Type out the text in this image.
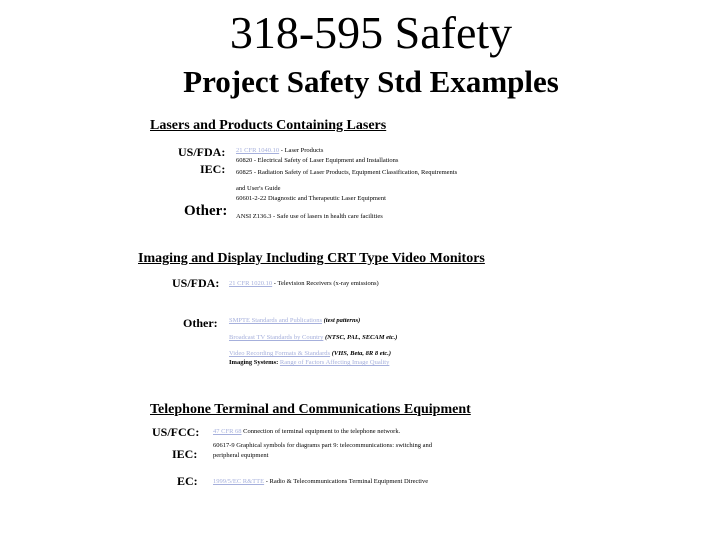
318-595 Safety
Project Safety Std Examples
Lasers and Products Containing Lasers
US/FDA: 21 CFR 1040.10 - Laser Products
IEC:
60820 - Electrical Safety of Laser Equipment and Installations
60825 - Radiation Safety of Laser Products, Equipment Classification, Requirements
and User's Guide
60601-2-22 Diagnostic and Therapeutic Laser Equipment
Other: ANSI Z136.3 - Safe use of lasers in health care facilities
Imaging and Display Including CRT Type Video Monitors
US/FDA: 21 CFR 1020.10 - Television Receivers (x-ray emissions)
Other: SMPTE Standards and Publications (test patterns)
Broadcast TV Standards by Country (NTSC, PAL, SECAM etc.)
Video Recording Formats & Standards (VHS, Beta, 8R 8 etc.)
Imaging Systems: Range of Factors Affecting Image Quality
Telephone Terminal and Communications Equipment
US/FCC: 47 CFR 68 Connection of terminal equipment to the telephone network.
IEC:
60617-9 Graphical symbols for diagrams part 9: telecommunications: switching and
peripheral equipment
EC: 1999/5/EC R&TTE - Radio & Telecommunications Terminal Equipment Directive
